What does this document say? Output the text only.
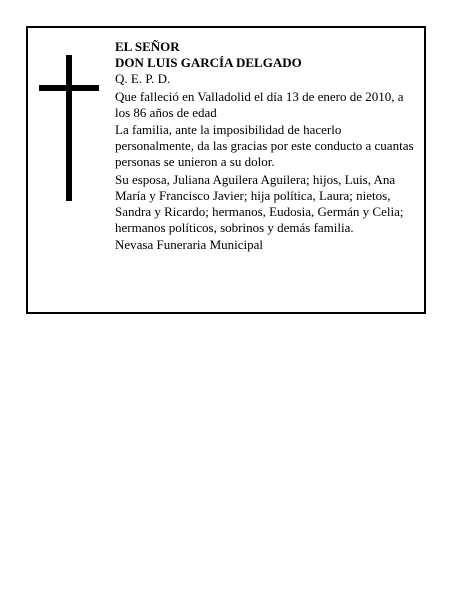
EL SEÑOR

DON LUIS GARCÍA DELGADO

Q. E. P. D.

Que falleció en Valladolid el día 13 de enero de 2010, a los 86 años de edad

La familia, ante la imposibilidad de hacerlo personalmente, da las gracias por este conducto a cuantas personas se unieron a su dolor.

Su esposa, Juliana Aguilera Aguilera; hijos, Luis, Ana María y Francisco Javier; hija política, Laura; nietos, Sandra y Ricardo; hermanos, Eudosia, Germán y Celia; hermanos políticos, sobrinos y demás familia.

Nevasa Funeraria Municipal
